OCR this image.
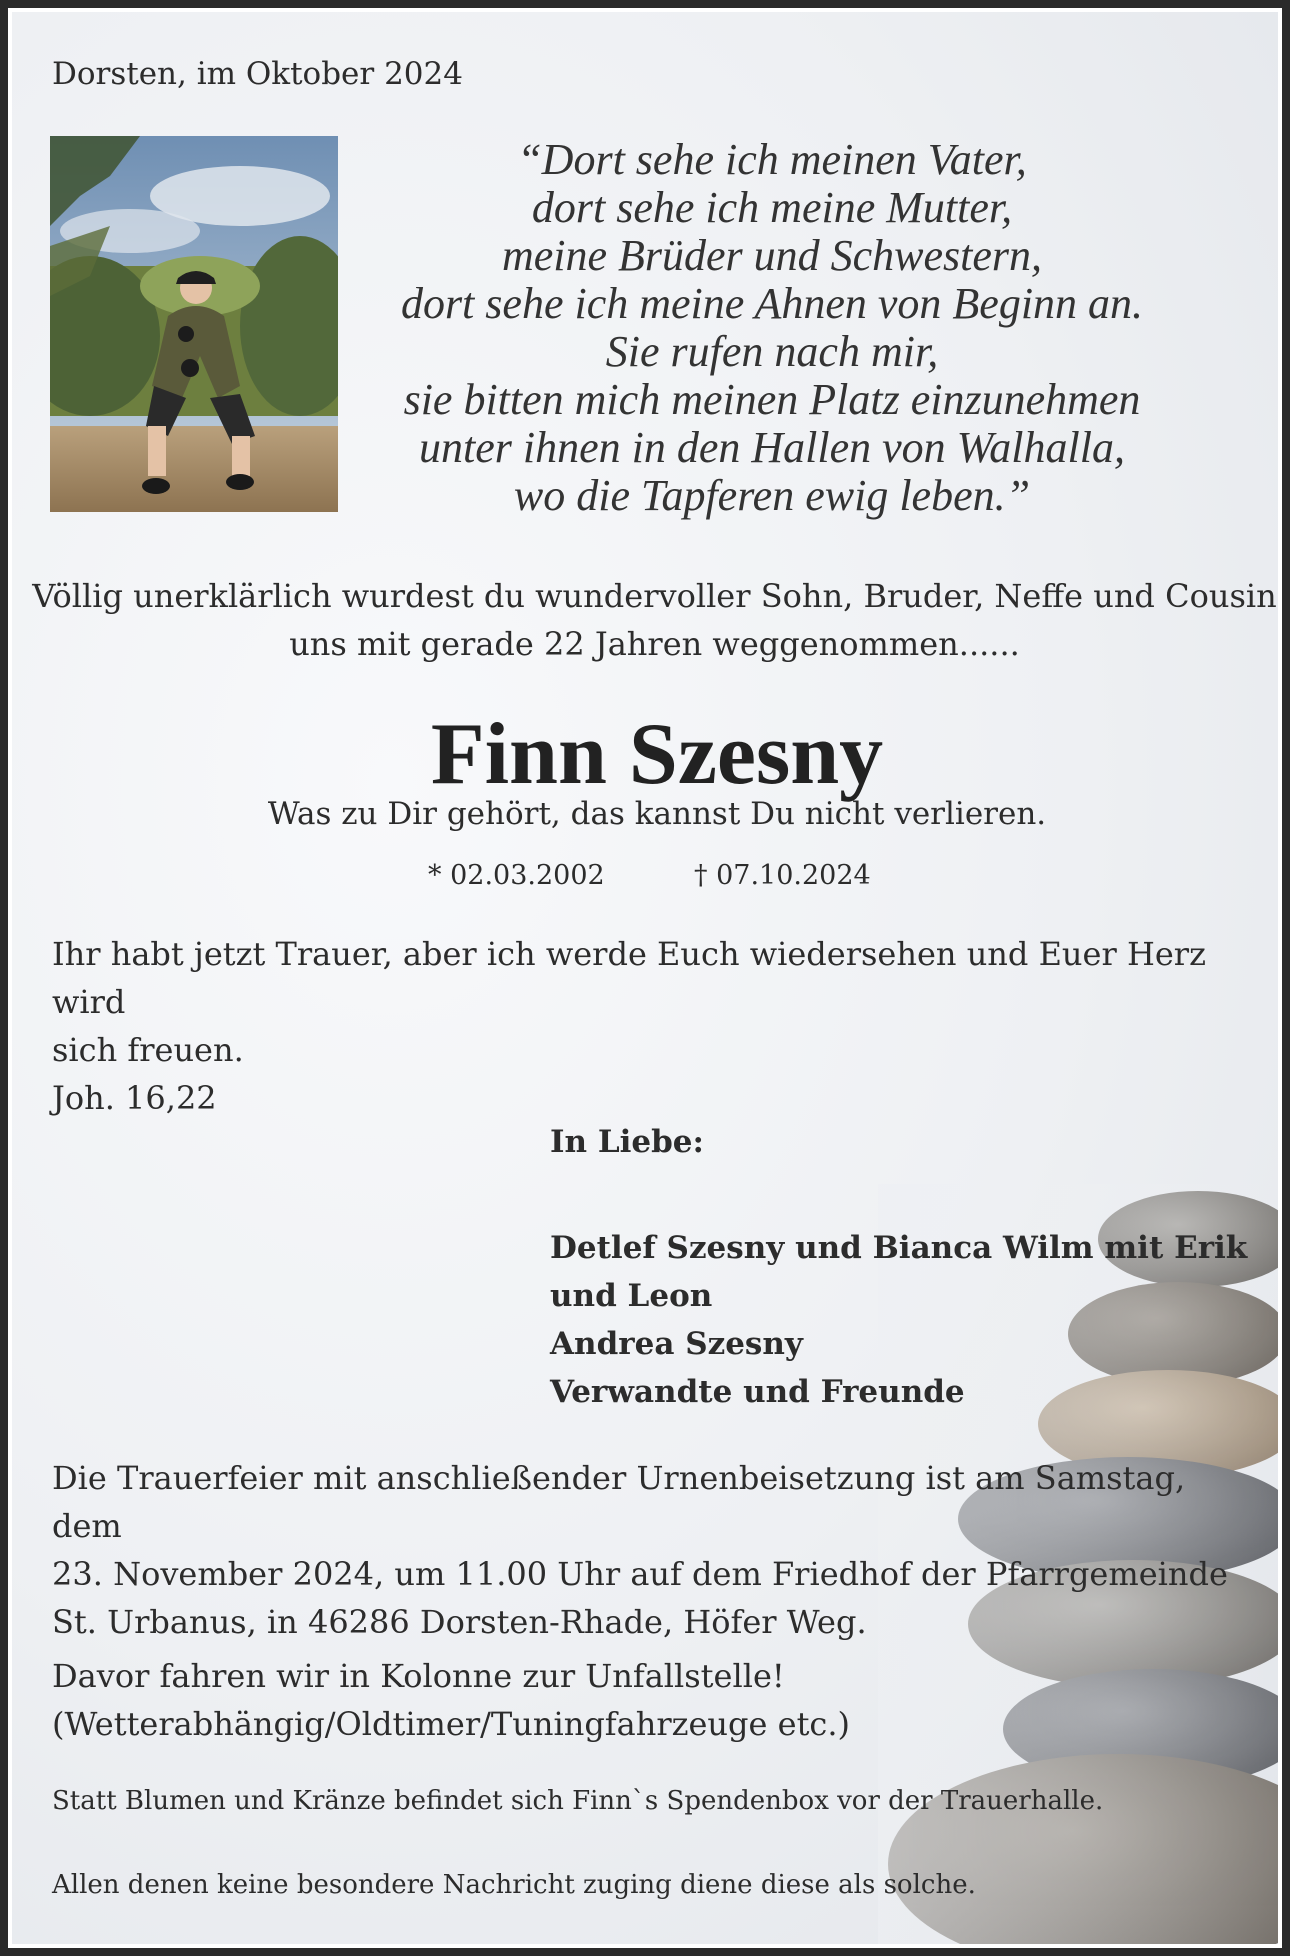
Dorsten, im Oktober 2024
“Dort sehe ich meinen Vater,
dort sehe ich meine Mutter,
meine Brüder und Schwestern,
dort sehe ich meine Ahnen von Beginn an.
Sie rufen nach mir,
sie bitten mich meinen Platz einzunehmen
unter ihnen in den Hallen von Walhalla,
wo die Tapferen ewig leben.”
Völlig unerklärlich wurdest du wundervoller Sohn, Bruder, Neffe und Cousin
uns mit gerade 22 Jahren weggenommen......
Finn Szesny
Was zu Dir gehört, das kannst Du nicht verlieren.
* 02.03.2002	† 07.10.2024
Ihr habt jetzt Trauer, aber ich werde Euch wiedersehen und Euer Herz wird
sich freuen.
Joh. 16,22
In Liebe:
Detlef Szesny und Bianca Wilm mit Erik
und Leon
Andrea Szesny
Verwandte und Freunde
Die Trauerfeier mit anschließender Urnenbeisetzung ist am Samstag, dem
23. November 2024, um 11.00 Uhr auf dem Friedhof der Pfarrgemeinde
St. Urbanus, in 46286 Dorsten-Rhade, Höfer Weg.
Davor fahren wir in Kolonne zur Unfallstelle!
(Wetterabhängig/Oldtimer/Tuningfahrzeuge etc.)
Statt Blumen und Kränze befindet sich Finn`s Spendenbox vor der Trauerhalle.
Allen denen keine besondere Nachricht zuging diene diese als solche.
